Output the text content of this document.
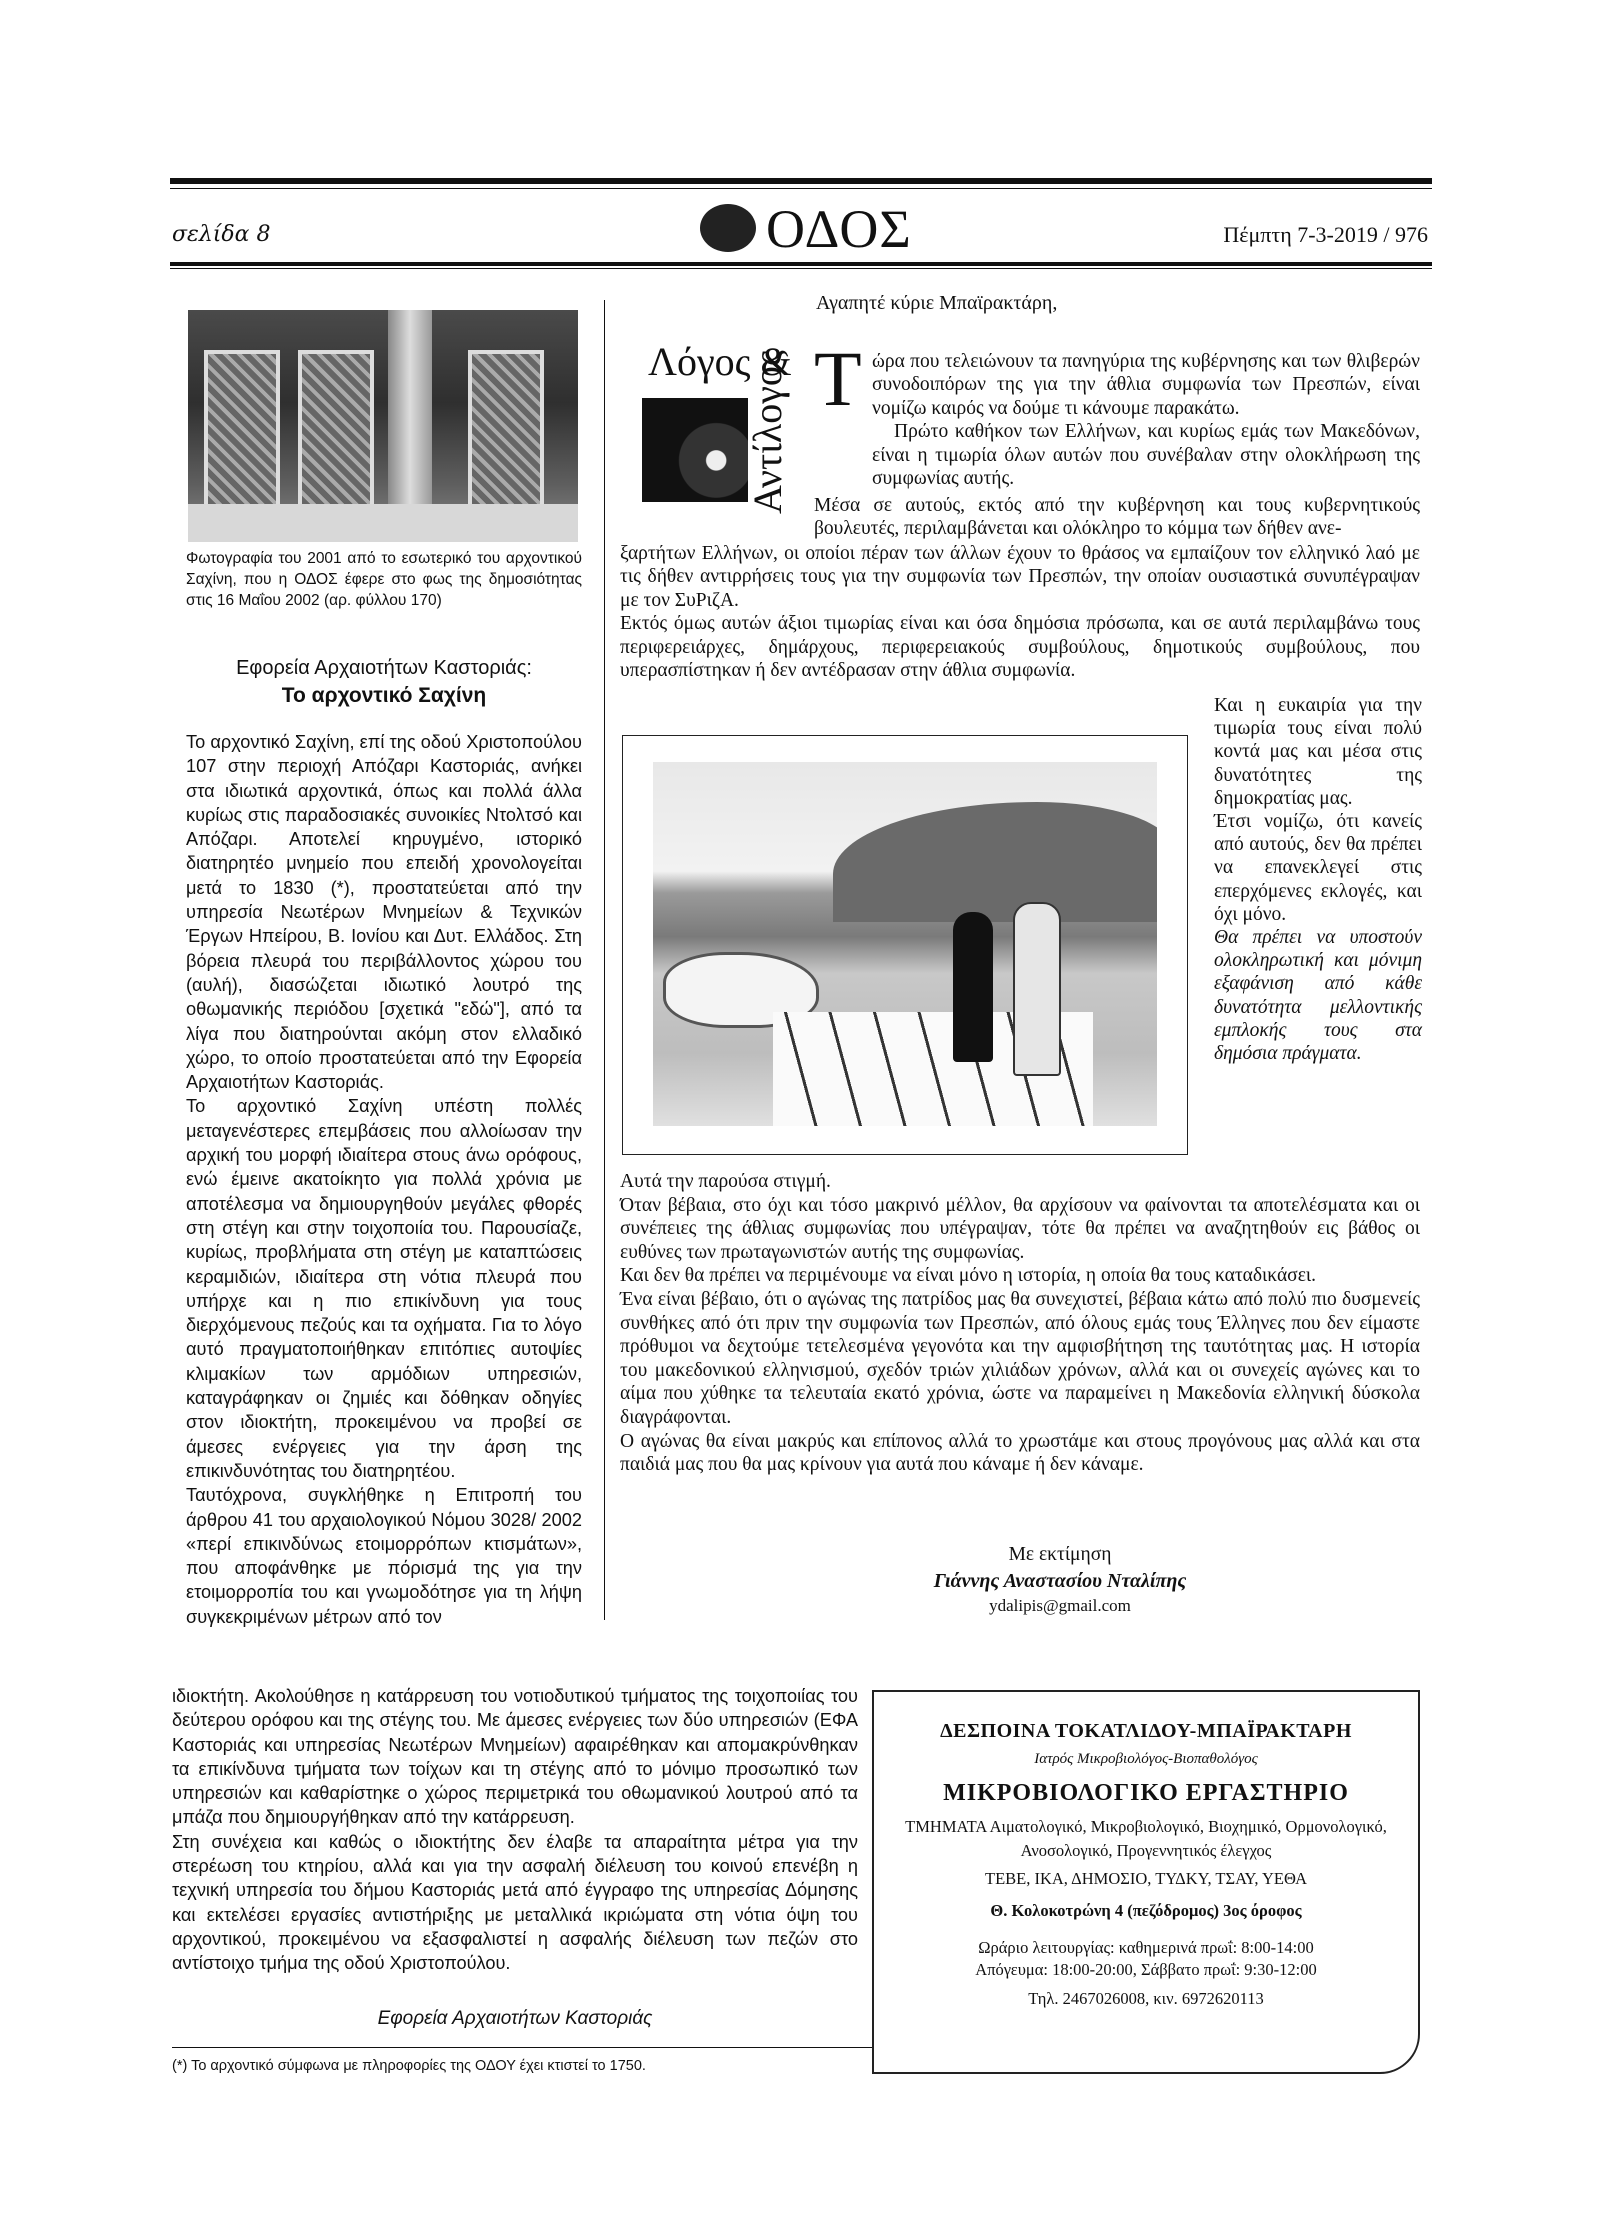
σελίδα 8	ΟΔΟΣ	Πέμπτη 7-3-2019 / 976
Φωτογραφία του 2001 από το εσωτερικό του αρχοντικού Σαχίνη, που η ΟΔΟΣ έφερε στο φως της δημοσιότητας στις 16 Μαΐου 2002 (αρ. φύλλου 170)
Εφορεία Αρχαιοτήτων Καστοριάς:
Το αρχοντικό Σαχίνη

Το αρχοντικό Σαχίνη, επί της οδού Χριστοπούλου 107 στην περιοχή Απόζαρι Καστοριάς, ανήκει στα ιδιωτικά αρχοντικά, όπως και πολλά άλλα κυρίως στις παραδοσιακές συνοικίες Ντολτσό και Απόζαρι. Αποτελεί κηρυγμένο, ιστορικό διατηρητέο μνημείο που επειδή χρονολογείται μετά το 1830 (*), προστατεύεται από την υπηρεσία Νεωτέρων Μνημείων & Τεχνικών Έργων Ηπείρου, Β. Ιονίου και Δυτ. Ελλάδος. Στη βόρεια πλευρά του περιβάλλοντος χώρου του (αυλή), διασώζεται ιδιωτικό λουτρό της οθωμανικής περιόδου [σχετικά "εδώ"], από τα λίγα που διατηρούνται ακόμη στον ελλαδικό χώρο, το οποίο προστατεύεται από την Εφορεία Αρχαιοτήτων Καστοριάς.

Το αρχοντικό Σαχίνη υπέστη πολλές μεταγενέστερες επεμβάσεις που αλλοίωσαν την αρχική του μορφή ιδιαίτερα στους άνω ορόφους, ενώ έμεινε ακατοίκητο για πολλά χρόνια με αποτέλεσμα να δημιουργηθούν μεγάλες φθορές στη στέγη και στην τοιχοποιία του. Παρουσίαζε, κυρίως, προβλήματα στη στέγη με καταπτώσεις κεραμιδιών, ιδιαίτερα στη νότια πλευρά που υπήρχε και η πιο επικίνδυνη για τους διερχόμενους πεζούς και τα οχήματα. Για το λόγο αυτό πραγματοποιήθηκαν επιτόπιες αυτοψίες κλιμακίων των αρμόδιων υπηρεσιών, καταγράφηκαν οι ζημιές και δόθηκαν οδηγίες στον ιδιοκτήτη, προκειμένου να προβεί σε άμεσες ενέργειες για την άρση της επικινδυνότητας του διατηρητέου.

Ταυτόχρονα, συγκλήθηκε η Επιτροπή του άρθρου 41 του αρχαιολογικού Νόμου 3028/ 2002 «περί επικινδύνως ετοιμορρόπων κτισμάτων», που αποφάνθηκε με πόρισμά της για την ετοιμορροπία του και γνωμοδότησε για τη λήψη συγκεκριμένων μέτρων από τον

ιδιοκτήτη. Ακολούθησε η κατάρρευση του νοτιοδυτικού τμήματος της τοιχοποιίας του δεύτερου ορόφου και της στέγης του. Με άμεσες ενέργειες των δύο υπηρεσιών (ΕΦΑ Καστοριάς και υπηρεσίας Νεωτέρων Μνημείων) αφαιρέθηκαν και απομακρύνθηκαν τα επικίνδυνα τμήματα των τοίχων και τη στέγης από το μόνιμο προσωπικό των υπηρεσιών και καθαρίστηκε ο χώρος περιμετρικά του οθωμανικού λουτρού από τα μπάζα που δημιουργήθηκαν από την κατάρρευση.

Στη συνέχεια και καθώς ο ιδιοκτήτης δεν έλαβε τα απαραίτητα μέτρα για την στερέωση του κτηρίου, αλλά και για την ασφαλή διέλευση του κοινού επενέβη η τεχνική υπηρεσία του δήμου Καστοριάς μετά από έγγραφο της υπηρεσίας Δόμησης και εκτελέσει εργασίες αντιστήριξης με μεταλλικά ικριώματα στη νότια όψη του αρχοντικού, προκειμένου να εξασφαλιστεί η ασφαλής διέλευση των πεζών στο αντίστοιχο τμήμα της οδού Χριστοπούλου.

Εφορεία Αρχαιοτήτων Καστοριάς
(*) Το αρχοντικό σύμφωνα με πληροφορίες της ΟΔΟΥ έχει κτιστεί το 1750.
Αγαπητέ κύριε Μπαϊρακτάρη,
Λόγος &
Αντίλογος Τ ώρα που τελειώνουν τα πανηγύρια της κυβέρνησης και των θλιβερών συνοδοιπόρων της για την άθλια συμφωνία των Πρεσπών, είναι νομίζω καιρός να δούμε τι κάνουμε παρακάτω.

Πρώτο καθήκον των Ελλήνων, και κυρίως εμάς των Μακεδόνων, είναι η τιμωρία όλων αυτών που συνέβαλαν στην ολοκλήρωση της συμφωνίας αυτής.

Μέσα σε αυτούς, εκτός από την κυβέρνηση και τους κυβερνητικούς βουλευτές, περιλαμβάνεται και ολόκληρο το κόμμα των δήθεν ανε-

ξαρτήτων Ελλήνων, οι οποίοι πέραν των άλλων έχουν το θράσος να εμπαίζουν τον ελληνικό λαό με τις δήθεν αντιρρήσεις τους για την συμφωνία των Πρεσπών, την οποίαν ουσιαστικά συνυπέγραψαν με τον ΣυΡιζΑ.

Εκτός όμως αυτών άξιοι τιμωρίας είναι και όσα δημόσια πρόσωπα, και σε αυτά περιλαμβάνω τους περιφερειάρχες, δημάρχους, περιφερειακούς συμβούλους, δημοτικούς συμβούλους, που υπερασπίστηκαν ή δεν αντέδρασαν στην άθλια συμφωνία.

Και η ευκαιρία για την τιμωρία τους είναι πολύ κοντά μας και μέσα στις δυνατότητες της δημοκρατίας μας.

Έτσι νομίζω, ότι κανείς από αυτούς, δεν θα πρέπει να επανεκλεγεί στις επερχόμενες εκλογές, και όχι μόνο.

Θα πρέπει να υποστούν ολοκληρωτική και μόνιμη εξαφάνιση από κάθε δυνατότητα μελλοντικής εμπλοκής τους στα δημόσια πράγματα.

Αυτά την παρούσα στιγμή.

Όταν βέβαια, στο όχι και τόσο μακρινό μέλλον, θα αρχίσουν να φαίνονται τα αποτελέσματα και οι συνέπειες της άθλιας συμφωνίας που υπέγραψαν, τότε θα πρέπει να αναζητηθούν εις βάθος οι ευθύνες των πρωταγωνιστών αυτής της συμφωνίας.

Και δεν θα πρέπει να περιμένουμε να είναι μόνο η ιστορία, η οποία θα τους καταδικάσει.

Ένα είναι βέβαιο, ότι ο αγώνας της πατρίδος μας θα συνεχιστεί, βέβαια κάτω από πολύ πιο δυσμενείς συνθήκες από ότι πριν την συμφωνία των Πρεσπών, από όλους εμάς τους Έλληνες που δεν είμαστε πρόθυμοι να δεχτούμε τετελεσμένα γεγονότα και την αμφισβήτηση της ταυτότητας μας. Η ιστορία του μακεδονικού ελληνισμού, σχεδόν τριών χιλιάδων χρόνων, αλλά και οι συνεχείς αγώνες και το αίμα που χύθηκε τα τελευταία εκατό χρόνια, ώστε να παραμείνει η Μακεδονία ελληνική δύσκολα διαγράφονται.

Ο αγώνας θα είναι μακρύς και επίπονος αλλά το χρωστάμε και στους προγόνους μας αλλά και στα παιδιά μας που θα μας κρίνουν για αυτά που κάναμε ή δεν κάναμε.

Με εκτίμηση
Γιάννης Αναστασίου Νταλίπης
ydalipis@gmail.com
ΔΕΣΠΟΙΝΑ ΤΟΚΑΤΛΙΔΟΥ-ΜΠΑΪΡΑΚΤΑΡΗ
Ιατρός Μικροβιολόγος-Βιοπαθολόγος
ΜΙΚΡΟΒΙΟΛΟΓΙΚΟ ΕΡΓΑΣΤΗΡΙΟ
ΤΜΗΜΑΤΑ Αιματολογικό, Μικροβιολογικό, Βιοχημικό, Ορμονολογικό, Ανοσολογικό, Προγεννητικός έλεγχος
ΤΕΒΕ, ΙΚΑ, ΔΗΜΟΣΙΟ, ΤΥΔΚΥ, ΤΣΑΥ, ΥΕΘΑ
Θ. Κολοκοτρώνη 4 (πεζόδρομος) 3ος όροφος
Ωράριο λειτουργίας: καθημερινά πρωΐ: 8:00-14:00
Απόγευμα: 18:00-20:00, Σάββατο πρωΐ: 9:30-12:00
Τηλ. 2467026008, κιν. 6972620113
